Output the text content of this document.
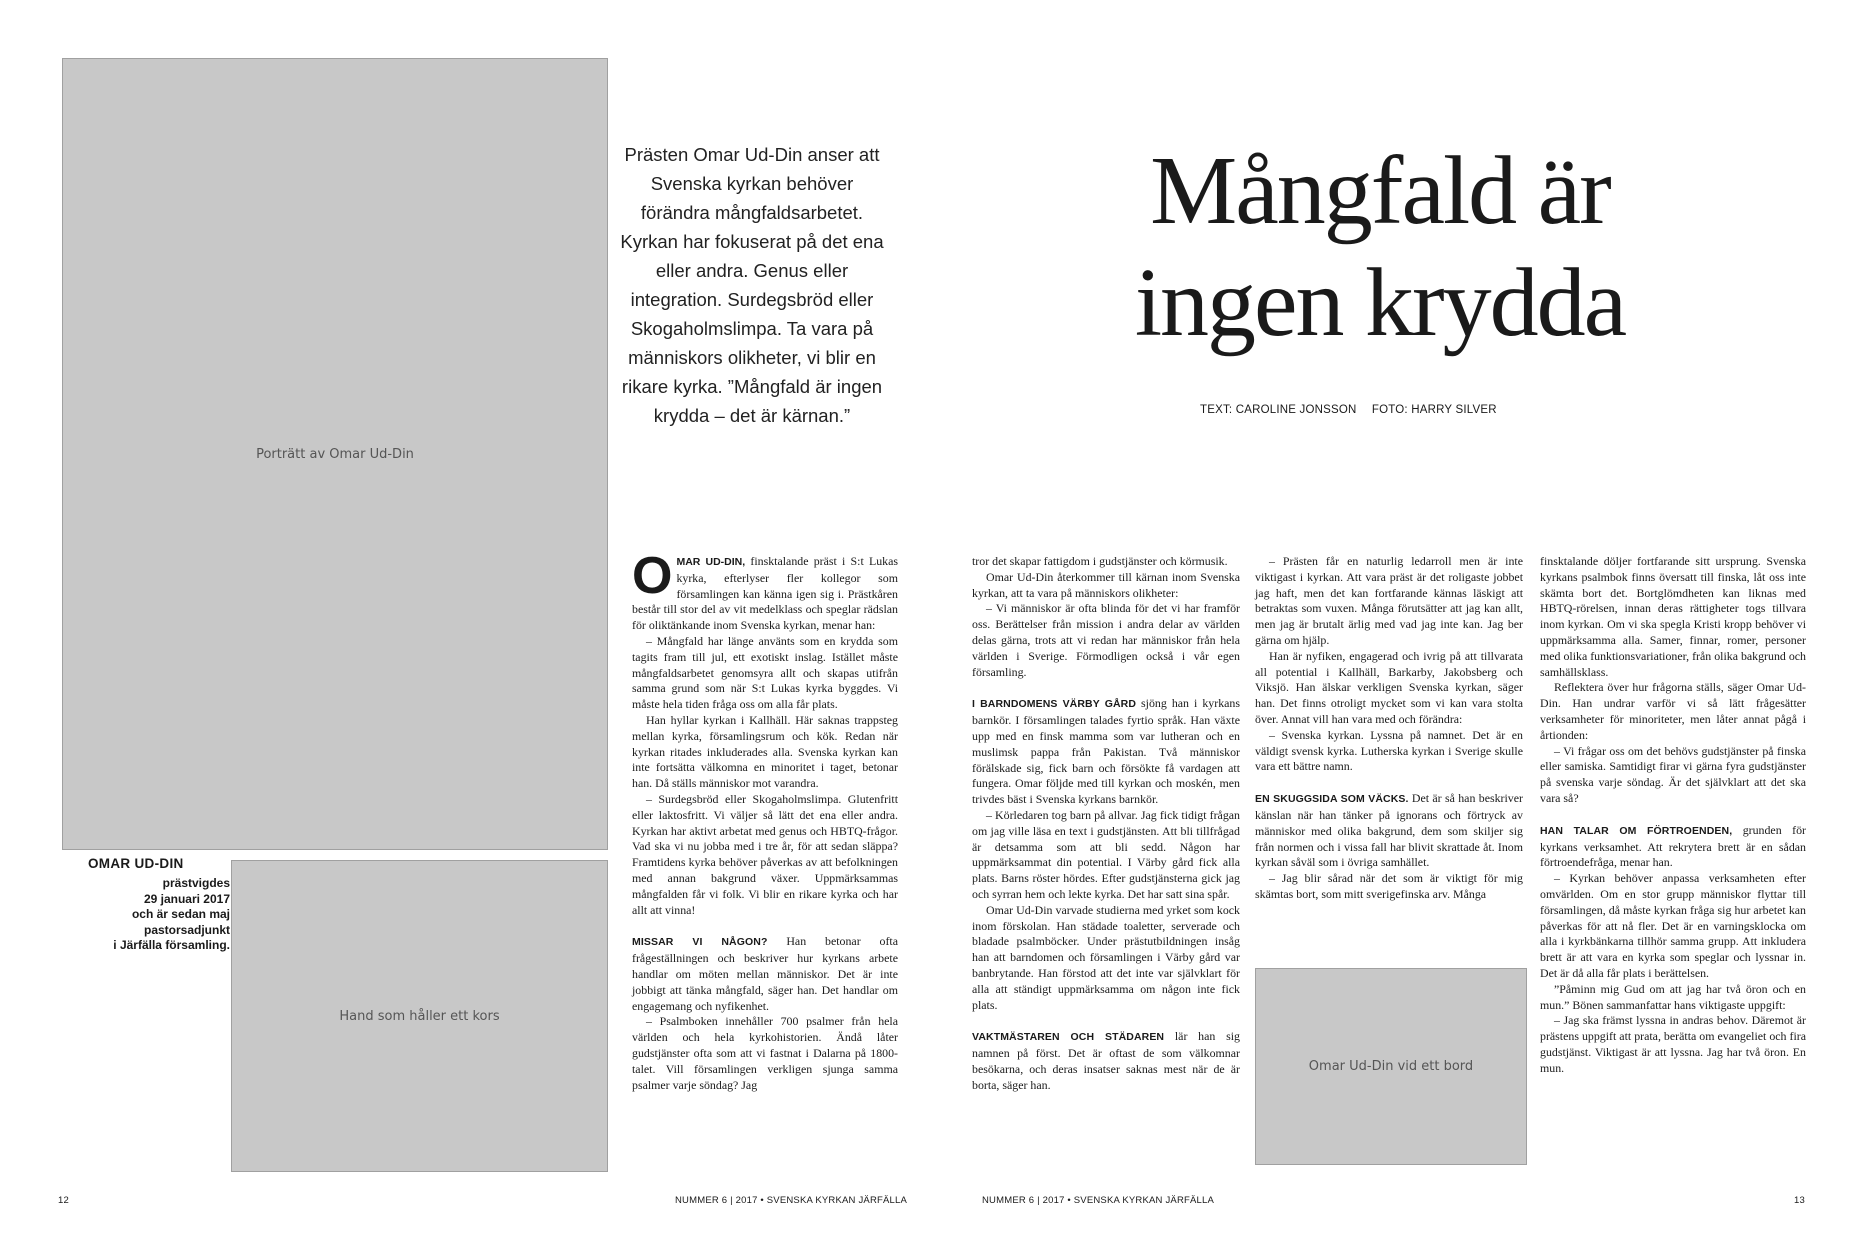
Porträtt av Omar Ud-Din
OMAR UD-DIN
prästvigdes
29 januari 2017
och är sedan maj
pastorsadjunkt
i Järfälla församling.
Hand som håller ett kors
Prästen Omar Ud-Din anser att Svenska kyrkan behöver förändra mångfaldsarbetet. Kyrkan har fokuserat på det ena eller andra. Genus eller integration. Surdegsbröd eller Skogaholmslimpa. Ta vara på människors olikheter, vi blir en rikare kyrka. ”Mångfald är ingen krydda – det är kärnan.”
Mångfald är
ingen krydda
TEXT: CAROLINE JONSSON FOTO: HARRY SILVER

OMAR UD-DIN, finsktalande präst i S:t Lukas kyrka, efterlyser fler kollegor som församlingen kan känna igen sig i. Prästkåren består till stor del av vit medelklass och speglar rädslan för oliktänkande inom Svenska kyrkan, menar han:

– Mångfald har länge använts som en krydda som tagits fram till jul, ett exotiskt inslag. Istället måste mångfaldsarbetet genomsyra allt och skapas utifrån samma grund som när S:t Lukas kyrka byggdes. Vi måste hela tiden fråga oss om alla får plats.

Han hyllar kyrkan i Kallhäll. Här saknas trappsteg mellan kyrka, församlingsrum och kök. Redan när kyrkan ritades inkluderades alla. Svenska kyrkan kan inte fortsätta välkomna en minoritet i taget, betonar han. Då ställs människor mot varandra.

– Surdegsbröd eller Skogaholmslimpa. Glutenfritt eller laktosfritt. Vi väljer så lätt det ena eller andra. Kyrkan har aktivt arbetat med genus och HBTQ-frågor. Vad ska vi nu jobba med i tre år, för att sedan släppa? Framtidens kyrka behöver påverkas av att befolkningen med annan bakgrund växer. Uppmärksammas mångfalden får vi folk. Vi blir en rikare kyrka och har allt att vinna!

MISSAR VI NÅGON? Han betonar ofta frågeställningen och beskriver hur kyrkans arbete handlar om möten mellan människor. Det är inte jobbigt att tänka mångfald, säger han. Det handlar om engagemang och nyfikenhet.

– Psalmboken innehåller 700 psalmer från hela världen och hela kyrkohistorien. Ändå låter gudstjänster ofta som att vi fastnat i Dalarna på 1800-talet. Vill församlingen verkligen sjunga samma psalmer varje söndag? Jag

tror det skapar fattigdom i gudstjänster och körmusik.

Omar Ud-Din återkommer till kärnan inom Svenska kyrkan, att ta vara på människors olikheter:

– Vi människor är ofta blinda för det vi har framför oss. Berättelser från mission i andra delar av världen delas gärna, trots att vi redan har människor från hela världen i Sverige. Förmodligen också i vår egen församling.

I BARNDOMENS VÄRBY GÅRD sjöng han i kyrkans barnkör. I församlingen talades fyrtio språk. Han växte upp med en finsk mamma som var lutheran och en muslimsk pappa från Pakistan. Två människor förälskade sig, fick barn och försökte få vardagen att fungera. Omar följde med till kyrkan och moskén, men trivdes bäst i Svenska kyrkans barnkör.

– Körledaren tog barn på allvar. Jag fick tidigt frågan om jag ville läsa en text i gudstjänsten. Att bli tillfrågad är detsamma som att bli sedd. Någon har uppmärksammat din potential. I Värby gård fick alla plats. Barns röster hördes. Efter gudstjänsterna gick jag och syrran hem och lekte kyrka. Det har satt sina spår.

Omar Ud-Din varvade studierna med yrket som kock inom förskolan. Han städade toaletter, serverade och bladade psalmböcker. Under prästutbildningen insåg han att barndomen och församlingen i Värby gård var banbrytande. Han förstod att det inte var självklart för alla att ständigt uppmärksamma om någon inte fick plats.

VAKTMÄSTAREN OCH STÄDAREN lär han sig namnen på först. Det är oftast de som välkomnar besökarna, och deras insatser saknas mest när de är borta, säger han.

– Prästen får en naturlig ledarroll men är inte viktigast i kyrkan. Att vara präst är det roligaste jobbet jag haft, men det kan fortfarande kännas läskigt att betraktas som vuxen. Många förutsätter att jag kan allt, men jag är brutalt ärlig med vad jag inte kan. Jag ber gärna om hjälp.

Han är nyfiken, engagerad och ivrig på att tillvarata all potential i Kallhäll, Barkarby, Jakobsberg och Viksjö. Han älskar verkligen Svenska kyrkan, säger han. Det finns otroligt mycket som vi kan vara stolta över. Annat vill han vara med och förändra:

– Svenska kyrkan. Lyssna på namnet. Det är en väldigt svensk kyrka. Lutherska kyrkan i Sverige skulle vara ett bättre namn.

EN SKUGGSIDA SOM VÄCKS. Det är så han beskriver känslan när han tänker på ignorans och förtryck av människor med olika bakgrund, dem som skiljer sig från normen och i vissa fall har blivit skrattade åt. Inom kyrkan såväl som i övriga samhället.

– Jag blir sårad när det som är viktigt för mig skämtas bort, som mitt sverigefinska arv. Många

Omar Ud-Din vid ett bord

finsktalande döljer fortfarande sitt ursprung. Svenska kyrkans psalmbok finns översatt till finska, låt oss inte skämta bort det. Bortglömdheten kan liknas med HBTQ-rörelsen, innan deras rättigheter togs tillvara inom kyrkan. Om vi ska spegla Kristi kropp behöver vi uppmärksamma alla. Samer, finnar, romer, personer med olika funktionsvariationer, från olika bakgrund och samhällsklass.

Reflektera över hur frågorna ställs, säger Omar Ud-Din. Han undrar varför vi så lätt frågesätter verksamheter för minoriteter, men låter annat pågå i årtionden:

– Vi frågar oss om det behövs gudstjänster på finska eller samiska. Samtidigt firar vi gärna fyra gudstjänster på svenska varje söndag. Är det självklart att det ska vara så?

HAN TALAR OM FÖRTROENDEN, grunden för kyrkans verksamhet. Att rekrytera brett är en sådan förtroendefråga, menar han.

– Kyrkan behöver anpassa verksamheten efter omvärlden. Om en stor grupp människor flyttar till församlingen, då måste kyrkan fråga sig hur arbetet kan påverkas för att nå fler. Det är en varningsklocka om alla i kyrkbänkarna tillhör samma grupp. Att inkludera brett är att vara en kyrka som speglar och lyssnar in. Det är då alla får plats i berättelsen.

”Påminn mig Gud om att jag har två öron och en mun.” Bönen sammanfattar hans viktigaste uppgift:

– Jag ska främst lyssna in andras behov. Däremot är prästens uppgift att prata, berätta om evangeliet och fira gudstjänst. Viktigast är att lyssna. Jag har två öron. En mun.

12	NUMMER 6 | 2017 • SVENSKA KYRKAN JÄRFÄLLA	NUMMER 6 | 2017 • SVENSKA KYRKAN JÄRFÄLLA	13
